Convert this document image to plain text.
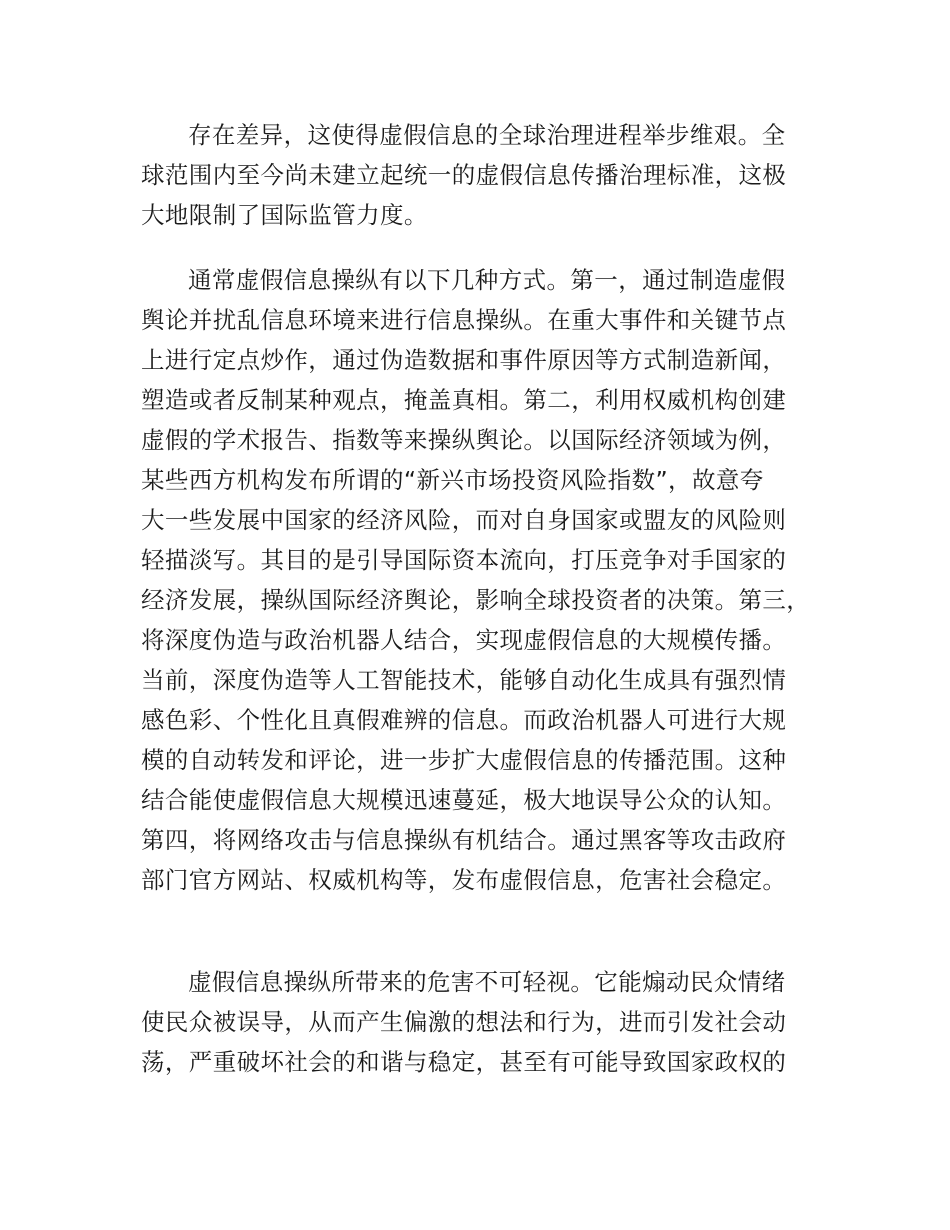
存在差异，这使得虚假信息的全球治理进程举步维艰。全
球范围内至今尚未建立起统一的虚假信息传播治理标准，这极
大地限制了国际监管力度。
通常虚假信息操纵有以下几种方式。第一，通过制造虚假
舆论并扰乱信息环境来进行信息操纵。在重大事件和关键节点
上进行定点炒作，通过伪造数据和事件原因等方式制造新闻，
塑造或者反制某种观点，掩盖真相。第二，利用权威机构创建
虚假的学术报告、指数等来操纵舆论。以国际经济领域为例，
某些西方机构发布所谓的“新兴市场投资风险指数”，故意夸
大一些发展中国家的经济风险，而对自身国家或盟友的风险则
轻描淡写。其目的是引导国际资本流向，打压竞争对手国家的
经济发展，操纵国际经济舆论，影响全球投资者的决策。第三，
将深度伪造与政治机器人结合，实现虚假信息的大规模传播。
当前，深度伪造等人工智能技术，能够自动化生成具有强烈情
感色彩、个性化且真假难辨的信息。而政治机器人可进行大规
模的自动转发和评论，进一步扩大虚假信息的传播范围。这种
结合能使虚假信息大规模迅速蔓延，极大地误导公众的认知。
第四，将网络攻击与信息操纵有机结合。通过黑客等攻击政府
部门官方网站、权威机构等，发布虚假信息，危害社会稳定。
虚假信息操纵所带来的危害不可轻视。它能煽动民众情绪
使民众被误导，从而产生偏激的想法和行为，进而引发社会动
荡，严重破坏社会的和谐与稳定，甚至有可能导致国家政权的
